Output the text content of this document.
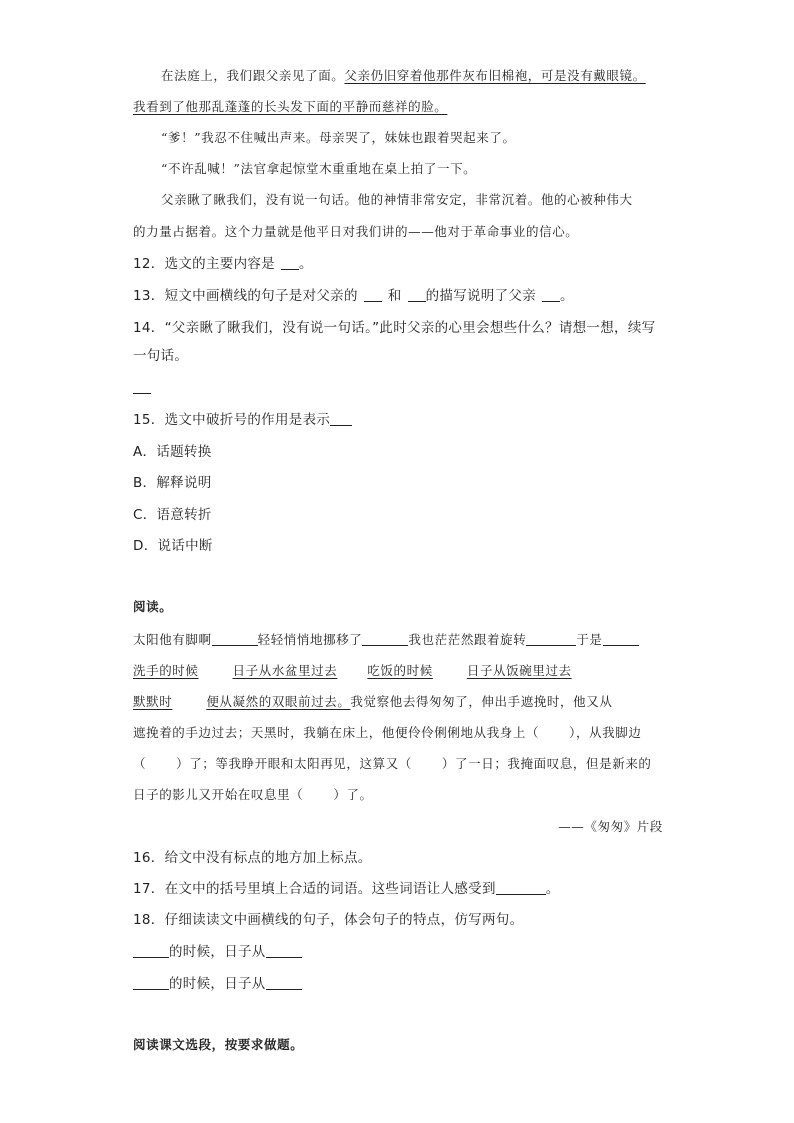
在法庭上，我们跟父亲见了面。父亲仍旧穿着他那件灰布旧棉袍，可是没有戴眼镜。
我看到了他那乱蓬蓬的长头发下面的平静而慈祥的脸。
“爹！”我忍不住喊出声来。母亲哭了，妹妹也跟着哭起来了。
“不许乱喊！”法官拿起惊堂木重重地在桌上拍了一下。
父亲瞅了瞅我们，没有说一句话。他的神情非常安定，非常沉着。他的心被种伟大
的力量占据着。这个力量就是他平日对我们讲的——他对于革命事业的信心。
12．选文的主要内容是 。
13．短文中画横线的句子是对父亲的 和 的描写说明了父亲 。
14．“父亲瞅了瞅我们，没有说一句话。”此时父亲的心里会想些什么？请想一想，续写
一句话。
15．选文中破折号的作用是表示
A．话题转换
B．解释说明
C．语意转折
D．说话中断
阅读。
太阳他有脚啊	轻轻悄悄地挪移了	我也茫茫然跟着旋转	于是
洗手的时候	日子从水盆里过去 吃饭的时候	日子从饭碗里过去
默默时	便从凝然的双眼前过去。我觉察他去得匆匆了，伸出手遮挽时，他又从
遮挽着的手边过去；天黑时，我躺在床上，他便伶伶俐俐地从我身上（ ），从我脚边
（ ）了；等我睁开眼和太阳再见，这算又（ ）了一日；我掩面叹息，但是新来的
日子的影儿又开始在叹息里（ ）了。
——《匆匆》片段
16．给文中没有标点的地方加上标点。
17．在文中的括号里填上合适的词语。这些词语让人感受到	。
18．仔细读读文中画横线的句子，体会句子的特点，仿写两句。
的时候，日子从
的时候，日子从
阅读课文选段，按要求做题。
